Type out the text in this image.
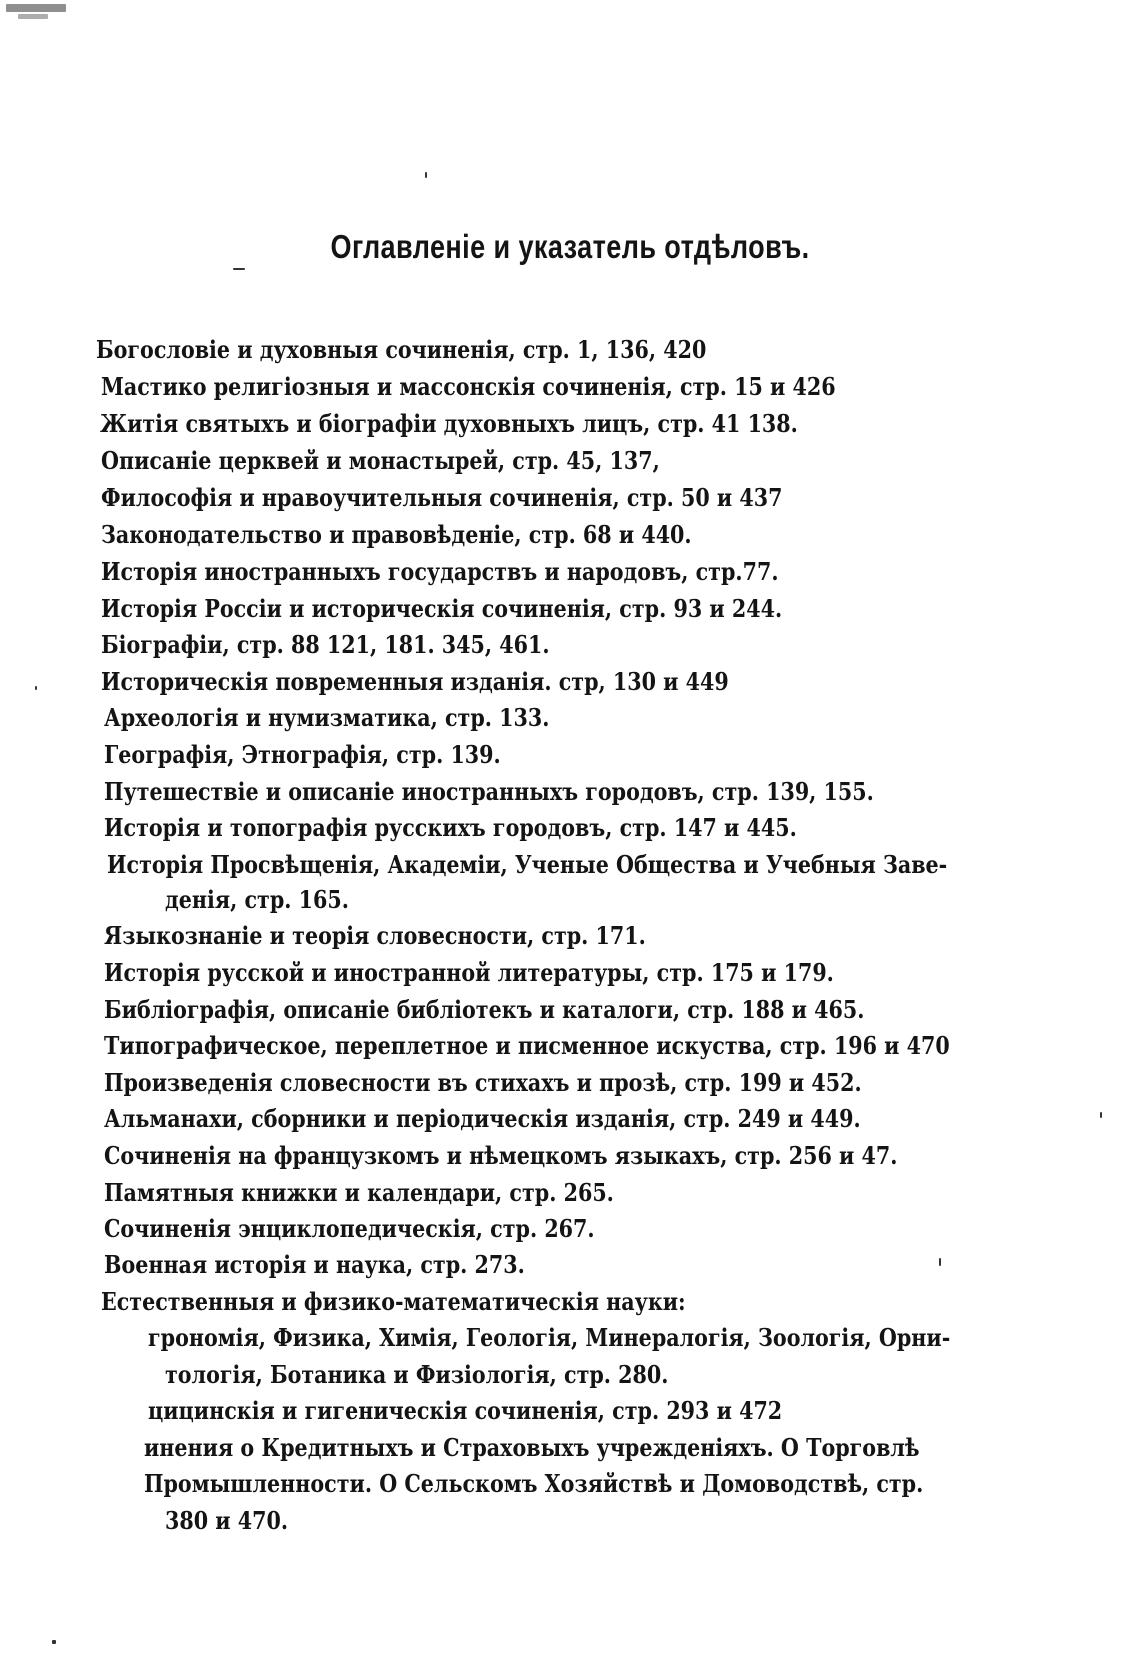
Оглавленіе и указатель отдѣловъ.
Богословіе и духовныя сочиненія, стр. 1, 136, 420
Мастико религіозныя и массонскія сочиненія, стр. 15 и 426
Житія святыхъ и біографіи духовныхъ лицъ, стр. 41 138.
Описаніе церквей и монастырей, стр. 45, 137,
Философія и нравоучительныя сочиненія, стр. 50 и 437
Законодательство и правовѣденіе, стр. 68 и 440.
Исторія иностранныхъ государствъ и народовъ, стр.77.
Исторія Россіи и историческія сочиненія, стр. 93 и 244.
Біографіи, стр. 88 121, 181. 345, 461.
Историческія повременныя изданія. стр, 130 и 449
Археологія и нумизматика, стр. 133.
Географія, Этнографія, стр. 139.
Путешествіе и описаніе иностранныхъ городовъ, стр. 139, 155.
Исторія и топографія русскихъ городовъ, стр. 147 и 445.
Исторія Просвѣщенія, Академіи, Ученые Общества и Учебныя Заве-
денія, стр. 165.
Языкознаніе и теорія словесности, стр. 171.
Исторія русской и иностранной литературы, стр. 175 и 179.
Библіографія, описаніе библіотекъ и каталоги, стр. 188 и 465.
Типографическое, переплетное и писменное искуства, стр. 196 и 470
Произведенія словесности въ стихахъ и прозѣ, стр. 199 и 452.
Альманахи, сборники и періодическія изданія, стр. 249 и 449.
Сочиненія на французкомъ и нѣмецкомъ языкахъ, стр. 256 и 47.
Памятныя книжки и календари, стр. 265.
Сочиненія энциклопедическія, стр. 267.
Военная исторія и наука, стр. 273.
Естественныя и физико-математическія науки:
грономія, Физика, Химія, Геологія, Минералогія, Зоологія, Орни-
тологія, Ботаника и Физіологія, стр. 280.
цицинскія и гигеническія сочиненія, стр. 293 и 472
инения о Кредитныхъ и Страховыхъ учрежденіяхъ. О Торговлѣ
Промышленности. О Сельскомъ Хозяйствѣ и Домоводствѣ, стр.
380 и 470.
